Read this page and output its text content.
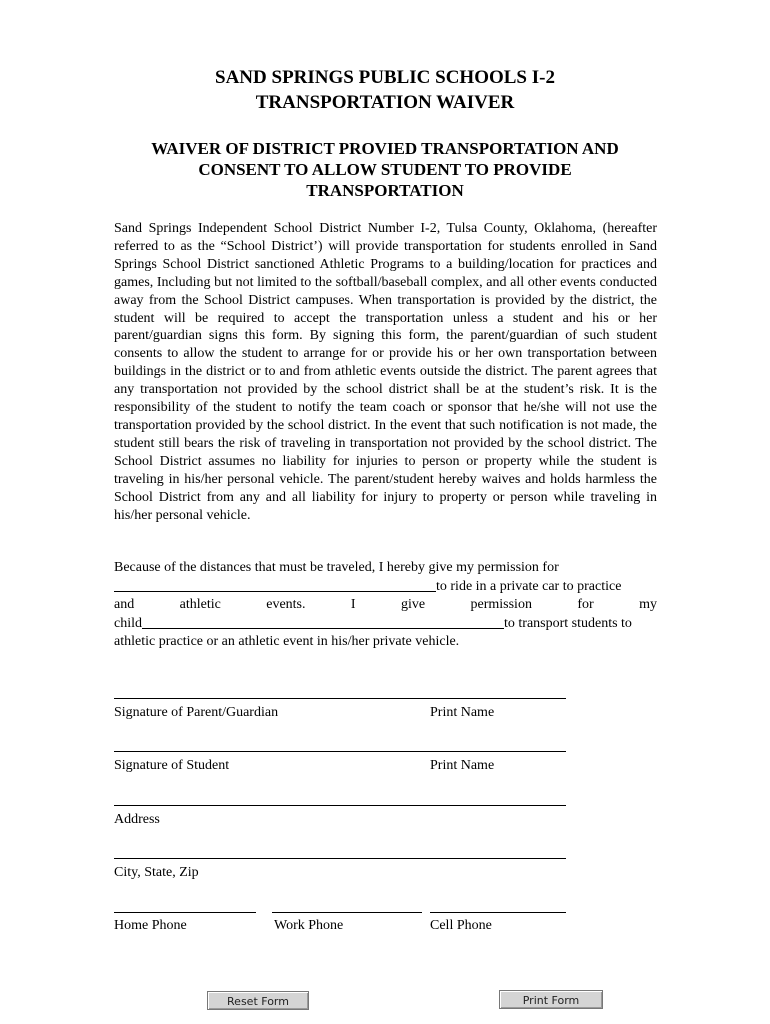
SAND SPRINGS PUBLIC SCHOOLS I-2
TRANSPORTATION WAIVER
WAIVER OF DISTRICT PROVIED TRANSPORTATION AND
CONSENT TO ALLOW STUDENT TO PROVIDE
TRANSPORTATION
Sand Springs Independent School District Number I-2, Tulsa County, Oklahoma, (hereafter referred to as the “School District’) will provide transportation for students enrolled in Sand Springs School District sanctioned Athletic Programs to a building/location for practices and games, Including but not limited to the softball/baseball complex, and all other events conducted away from the School District campuses. When transportation is provided by the district, the student will be required to accept the transportation unless a student and his or her parent/guardian signs this form. By signing this form, the parent/guardian of such student consents to allow the student to arrange for or provide his or her own transportation between buildings in the district or to and from athletic events outside the district. The parent agrees that any transportation not provided by the school district shall be at the student’s risk. It is the responsibility of the student to notify the team coach or sponsor that he/she will not use the transportation provided by the school district. In the event that such notification is not made, the student still bears the risk of traveling in transportation not provided by the school district. The School District assumes no liability for injuries to person or property while the student is traveling in his/her personal vehicle. The parent/student hereby waives and holds harmless the School District from any and all liability for injury to property or person while traveling in his/her personal vehicle.
Because of the distances that must be traveled, I hereby give my permission for
to ride in a private car to practice
and	athletic	events.	I	give	permission	for	my
child	to transport students to
athletic practice or an athletic event in his/her private vehicle.
Signature of Parent/Guardian	Print Name
Signature of Student	Print Name
Address
City, State, Zip
Home Phone	Work Phone	Cell Phone
Reset Form	Print Form
